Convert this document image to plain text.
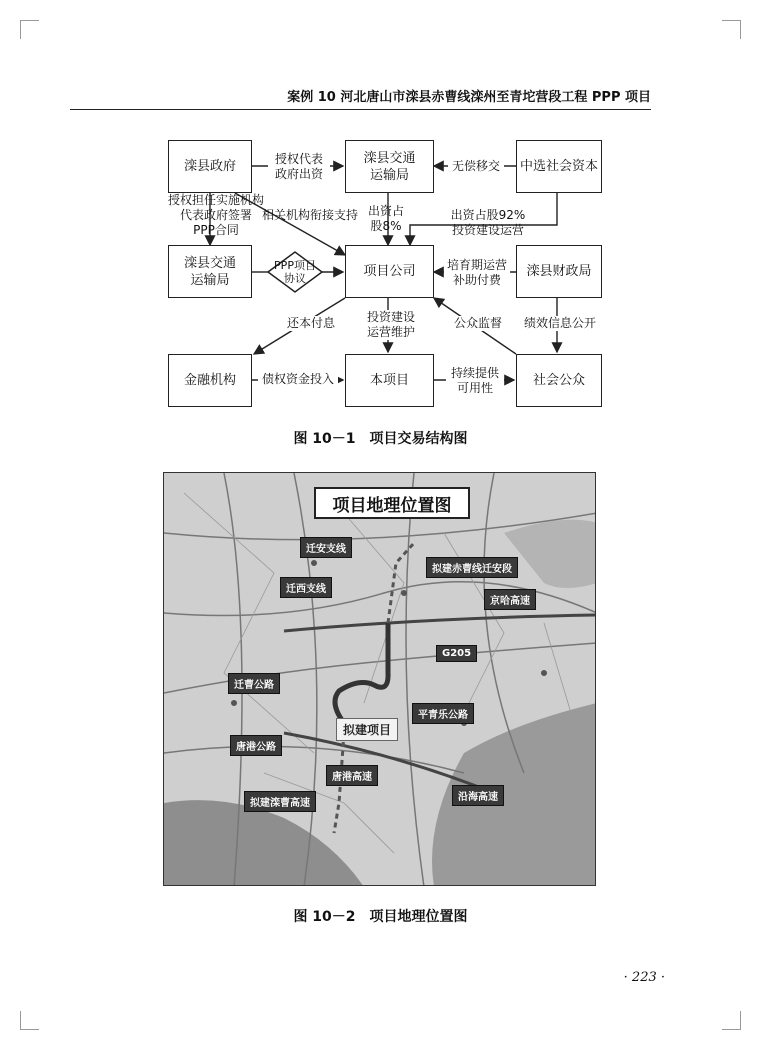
案例 10 河北唐山市滦县赤曹线滦州至青坨营段工程 PPP 项目
滦县政府
滦县交通
运输局
中选社会资本
滦县交通
运输局
PPP项目
协议	项目公司	滦县财政局
金融机构	本项目	社会公众
授权代表
政府出资
无偿移交
授权担任实施机构
代表政府签署
PPP合同
相关机构衔接支持 出资占
股8%
出资占股92%
投资建设运营
培育期运营
补助付费
还本付息	投资建设
运营维护
公众监督	绩效信息公开
债权资金投入	持续提供
可用性
图 10－1　项目交易结构图
项目地理位置图
迁安支线
迁西支线
拟建赤曹线迁安段
京哈高速
G205
迁曹公路
平青乐公路
拟建项目
唐港公路
唐港高速
拟建滦曹高速
沿海高速
图 10－2　项目地理位置图
· 223 ·
